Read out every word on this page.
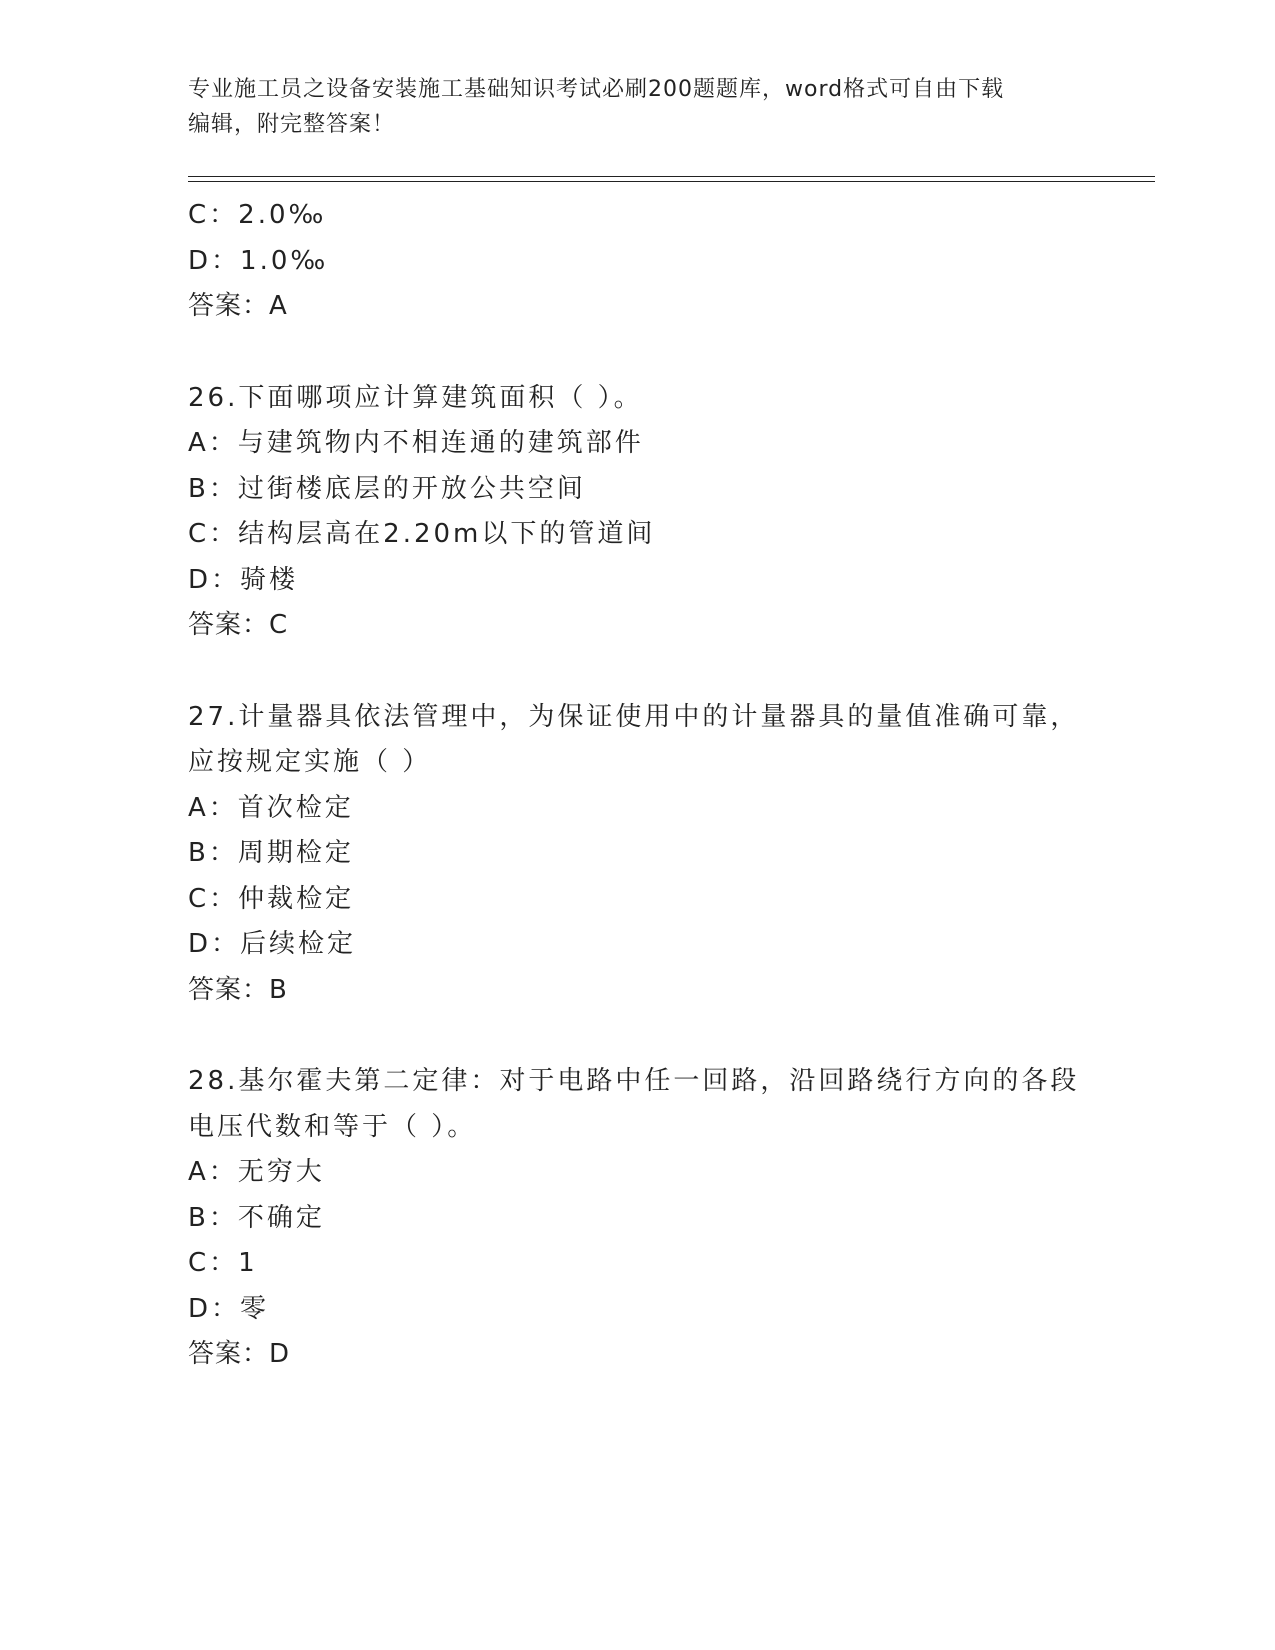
专业施工员之设备安装施工基础知识考试必刷200题题库，word格式可自由下载
编辑，附完整答案！
C：2.0‰
D：1.0‰
答案：A
26.下面哪项应计算建筑面积（ ）。
A：与建筑物内不相连通的建筑部件
B：过街楼底层的开放公共空间
C：结构层高在2.20m以下的管道间
D：骑楼
答案：C
27.计量器具依法管理中，为保证使用中的计量器具的量值准确可靠，
应按规定实施（ ）
A：首次检定
B：周期检定
C：仲裁检定
D：后续检定
答案：B
28.基尔霍夫第二定律：对于电路中任一回路，沿回路绕行方向的各段
电压代数和等于（ ）。
A：无穷大
B：不确定
C：1
D：零
答案：D
